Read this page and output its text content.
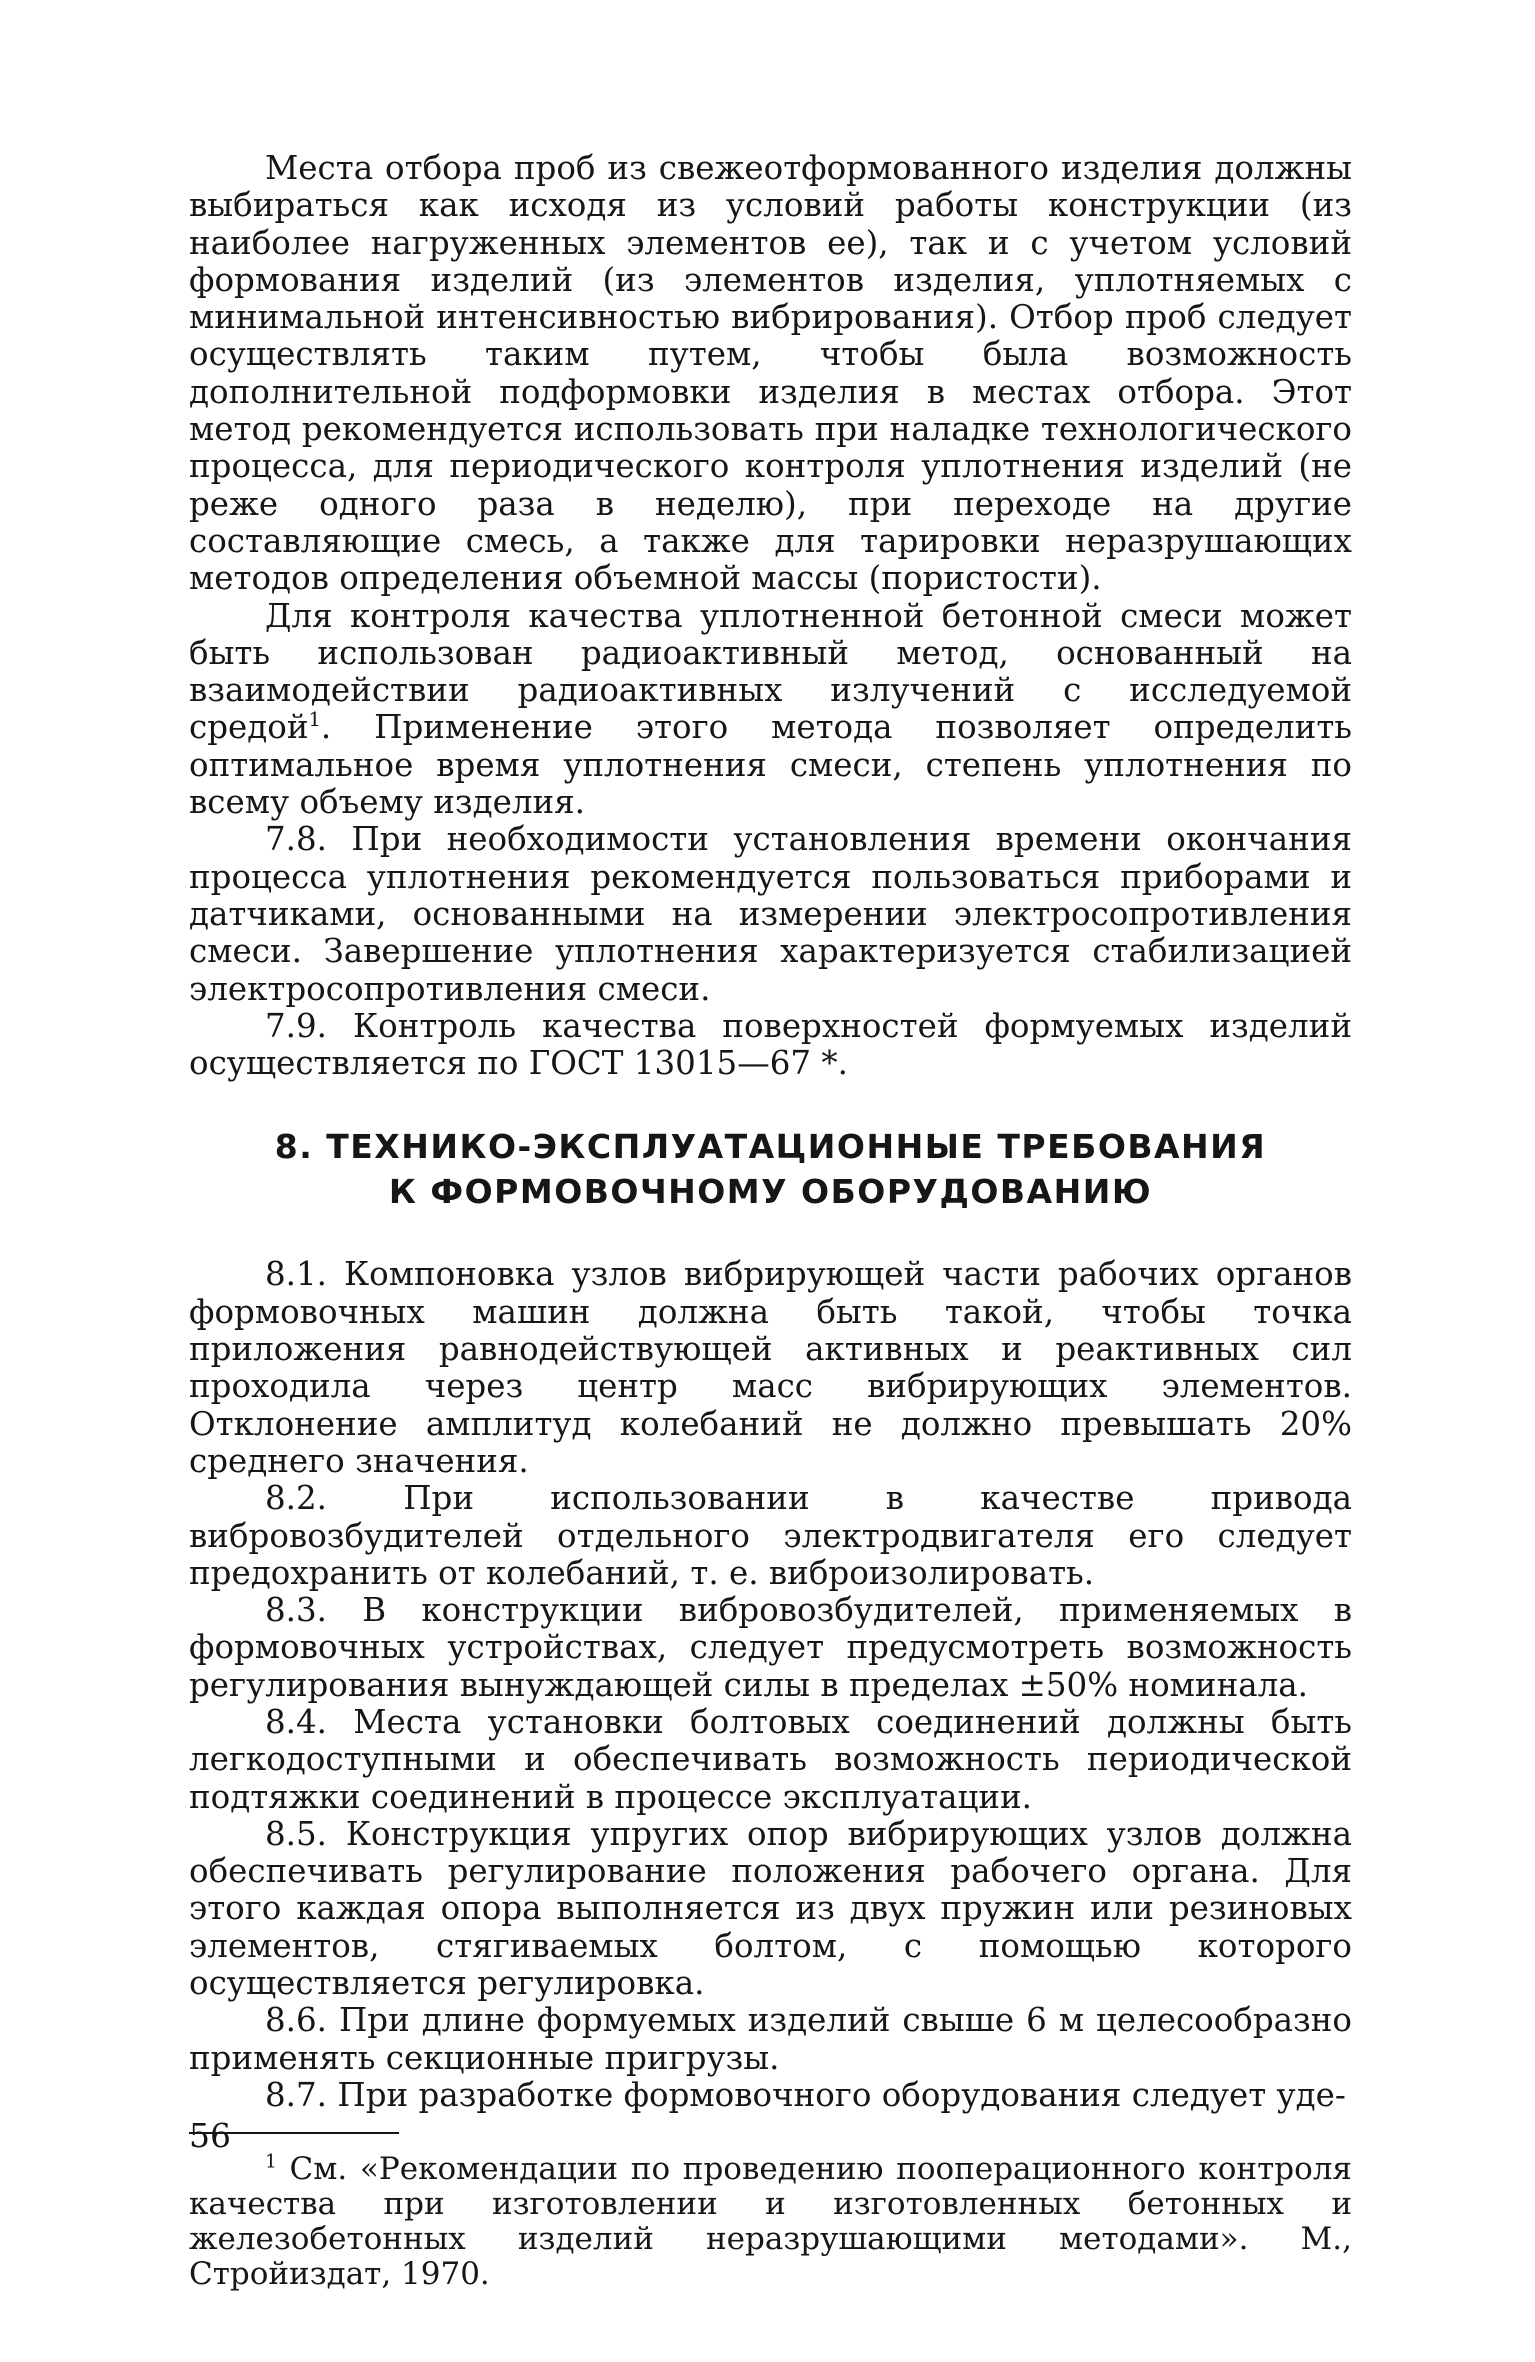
Места отбора проб из свежеотформованного изделия должны выбираться как исходя из условий работы конструкции (из наиболее нагруженных элементов ее), так и с учетом условий формования изделий (из элементов изделия, уплотняемых с минимальной интенсивностью вибрирования). Отбор проб следует осуществлять таким путем, чтобы была возможность дополнительной подформовки изделия в местах отбора. Этот метод рекомендуется использовать при наладке технологического процесса, для периодического контроля уплотнения изделий (не реже одного раза в неделю), при переходе на другие составляющие смесь, а также для тарировки неразрушающих методов определения объемной массы (пористости).

Для контроля качества уплотненной бетонной смеси может быть использован радиоактивный метод, основанный на взаимодействии радиоактивных излучений с исследуемой средой$^1$. Применение этого метода позволяет определить оптимальное время уплотнения смеси, степень уплотнения по всему объему изделия.

7.8. При необходимости установления времени окончания процесса уплотнения рекомендуется пользоваться приборами и датчиками, основанными на измерении электросопротивления смеси. Завершение уплотнения характеризуется стабилизацией электросопротивления смеси.

7.9. Контроль качества поверхностей формуемых изделий осуществляется по ГОСТ 13015—67 *.

8. ТЕХНИКО-ЭКСПЛУАТАЦИОННЫЕ ТРЕБОВАНИЯ
К ФОРМОВОЧНОМУ ОБОРУДОВАНИЮ

8.1. Компоновка узлов вибрирующей части рабочих органов формовочных машин должна быть такой, чтобы точка приложения равнодействующей активных и реактивных сил проходила через центр масс вибрирующих элементов. Отклонение амплитуд колебаний не должно превышать 20% среднего значения.

8.2. При использовании в качестве привода вибровозбудителей отдельного электродвигателя его следует предохранить от колебаний, т. е. виброизолировать.

8.3. В конструкции вибровозбудителей, применяемых в формовочных устройствах, следует предусмотреть возможность регулирования вынуждающей силы в пределах ±50% номинала.

8.4. Места установки болтовых соединений должны быть легкодоступными и обеспечивать возможность периодической подтяжки соединений в процессе эксплуатации.

8.5. Конструкция упругих опор вибрирующих узлов должна обеспечивать регулирование положения рабочего органа. Для этого каждая опора выполняется из двух пружин или резиновых элементов, стягиваемых болтом, с помощью которого осуществляется регулировка.

8.6. При длине формуемых изделий свыше 6 м целесообразно применять секционные пригрузы.

8.7. При разработке формовочного оборудования следует уде-

$^1$ См. «Рекомендации по проведению пооперационного контроля качества при изготовлении и изготовленных бетонных и железобетонных изделий неразрушающими методами». М., Стройиздат, 1970.

56
